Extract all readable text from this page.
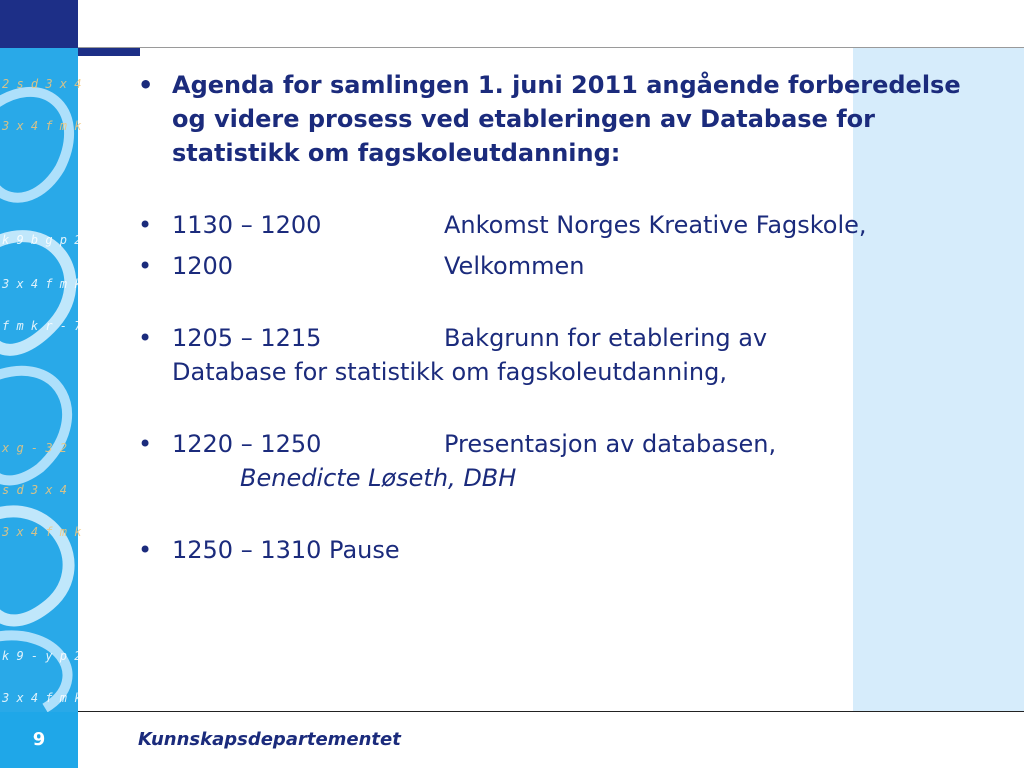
2 s d 3 x 4
3 x 4 f m k
k 9 b g p 2
3 x 4 f m k
f m k r - 7 y
x g - 3 2
s d 3 x 4
3 x 4 f m k
k 9 - y p 2
3 x 4 f m k
9	Kunnskapsdepartementet
• Agenda for samlingen 1. juni 2011 angående forberedelse og videre prosess ved etableringen av Database for statistikk om fagskoleutdanning:
• 1130 – 1200	Ankomst Norges Kreative Fagskole,
• 1200	Velkommen
• 1205 – 1215	Bakgrunn for etablering av
Database for statistikk om fagskoleutdanning,
• 1220 – 1250	Presentasjon av databasen,
Benedicte Løseth, DBH
• 1250 – 1310 Pause
